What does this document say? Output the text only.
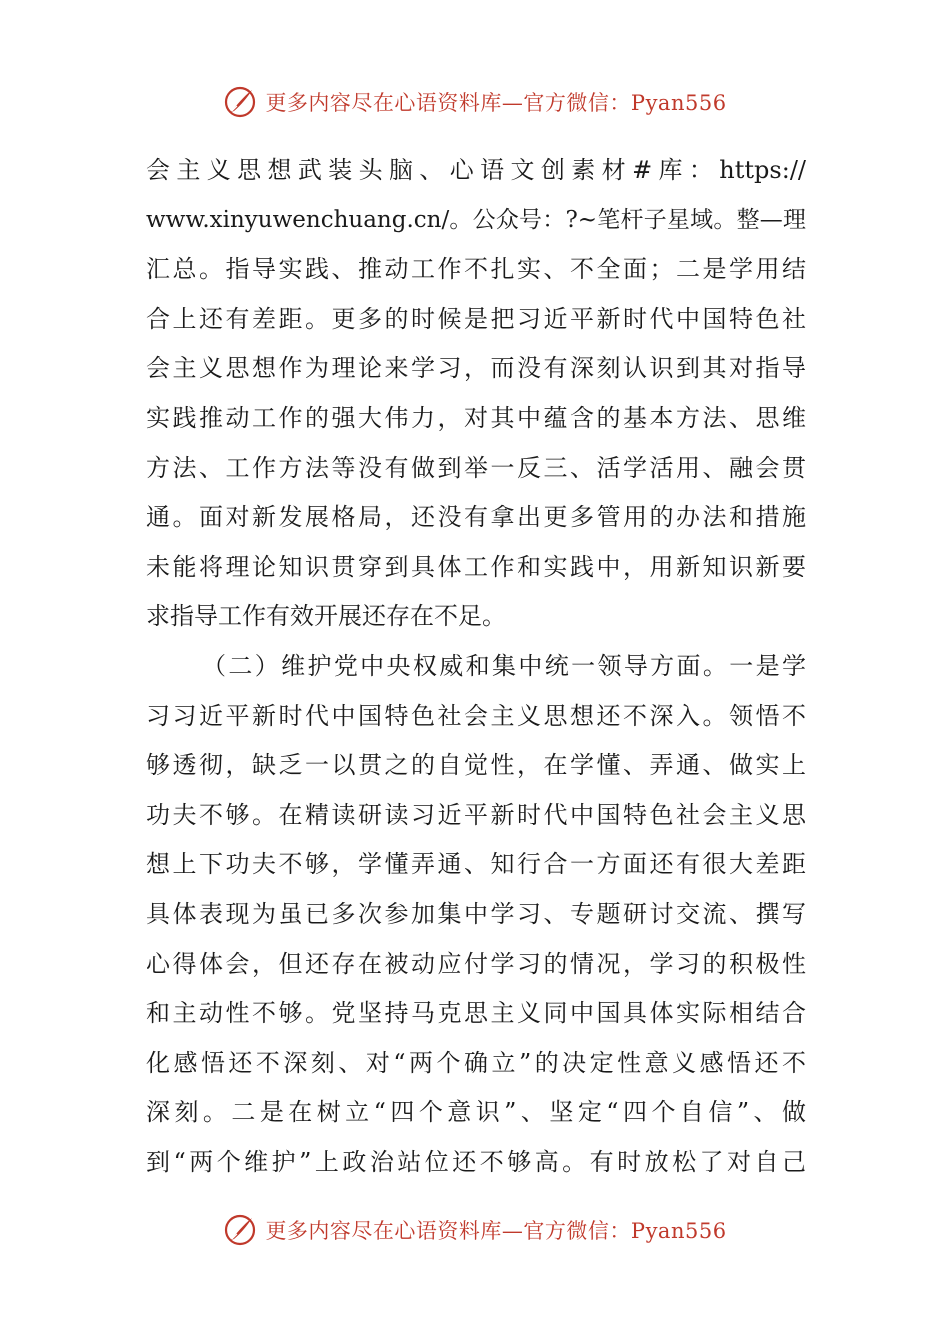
更多内容尽在心语资料库—官方微信：Pyan556
会主义思想武装头脑、心语文创素材#库：https://
www.xinyuwenchuang.cn/。公众号：?~笔杆子星域。整—理
汇总。指导实践、推动工作不扎实、不全面；二是学用结
合上还有差距。更多的时候是把习近平新时代中国特色社
会主义思想作为理论来学习，而没有深刻认识到其对指导
实践推动工作的强大伟力，对其中蕴含的基本方法、思维
方法、工作方法等没有做到举一反三、活学活用、融会贯
通。面对新发展格局，还没有拿出更多管用的办法和措施
未能将理论知识贯穿到具体工作和实践中，用新知识新要
求指导工作有效开展还存在不足。
（二）维护党中央权威和集中统一领导方面。一是学
习习近平新时代中国特色社会主义思想还不深入。领悟不
够透彻，缺乏一以贯之的自觉性，在学懂、弄通、做实上
功夫不够。在精读研读习近平新时代中国特色社会主义思
想上下功夫不够，学懂弄通、知行合一方面还有很大差距
具体表现为虽已多次参加集中学习、专题研讨交流、撰写
心得体会，但还存在被动应付学习的情况，学习的积极性
和主动性不够。党坚持马克思主义同中国具体实际相结合
化感悟还不深刻、对“两个确立”的决定性意义感悟还不
深刻。二是在树立“四个意识”、坚定“四个自信”、做
到“两个维护”上政治站位还不够高。有时放松了对自己
更多内容尽在心语资料库—官方微信：Pyan556
